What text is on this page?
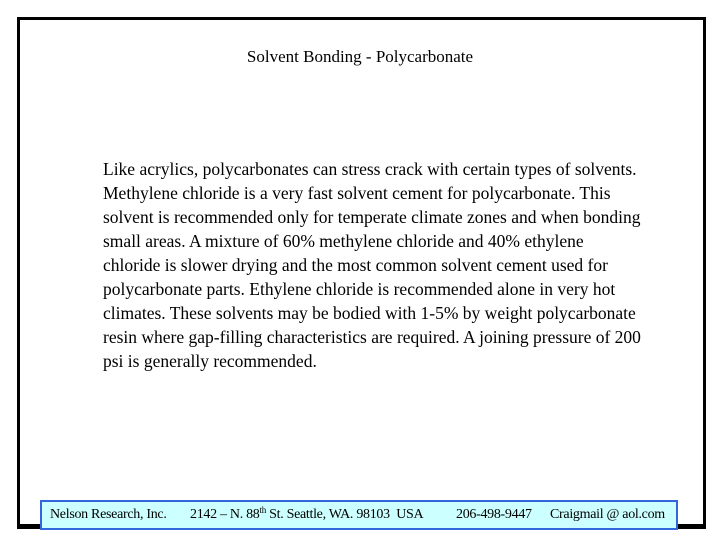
Solvent Bonding - Polycarbonate
Like acrylics, polycarbonates can stress crack with certain types of solvents. Methylene chloride is a very fast solvent cement for polycarbonate. This solvent is recommended only for temperate climate zones and when bonding small areas. A mixture of 60% methylene chloride and 40% ethylene chloride is slower drying and the most common solvent cement used for polycarbonate parts. Ethylene chloride is recommended alone in very hot climates. These solvents may be bodied with 1-5% by weight polycarbonate resin where gap-filling characteristics are required. A joining pressure of 200 psi is generally recommended.
Nelson Research, Inc. 2142 – N. 88th St. Seattle, WA. 98103  USA 206-498-9447 Craigmail @ aol.com
